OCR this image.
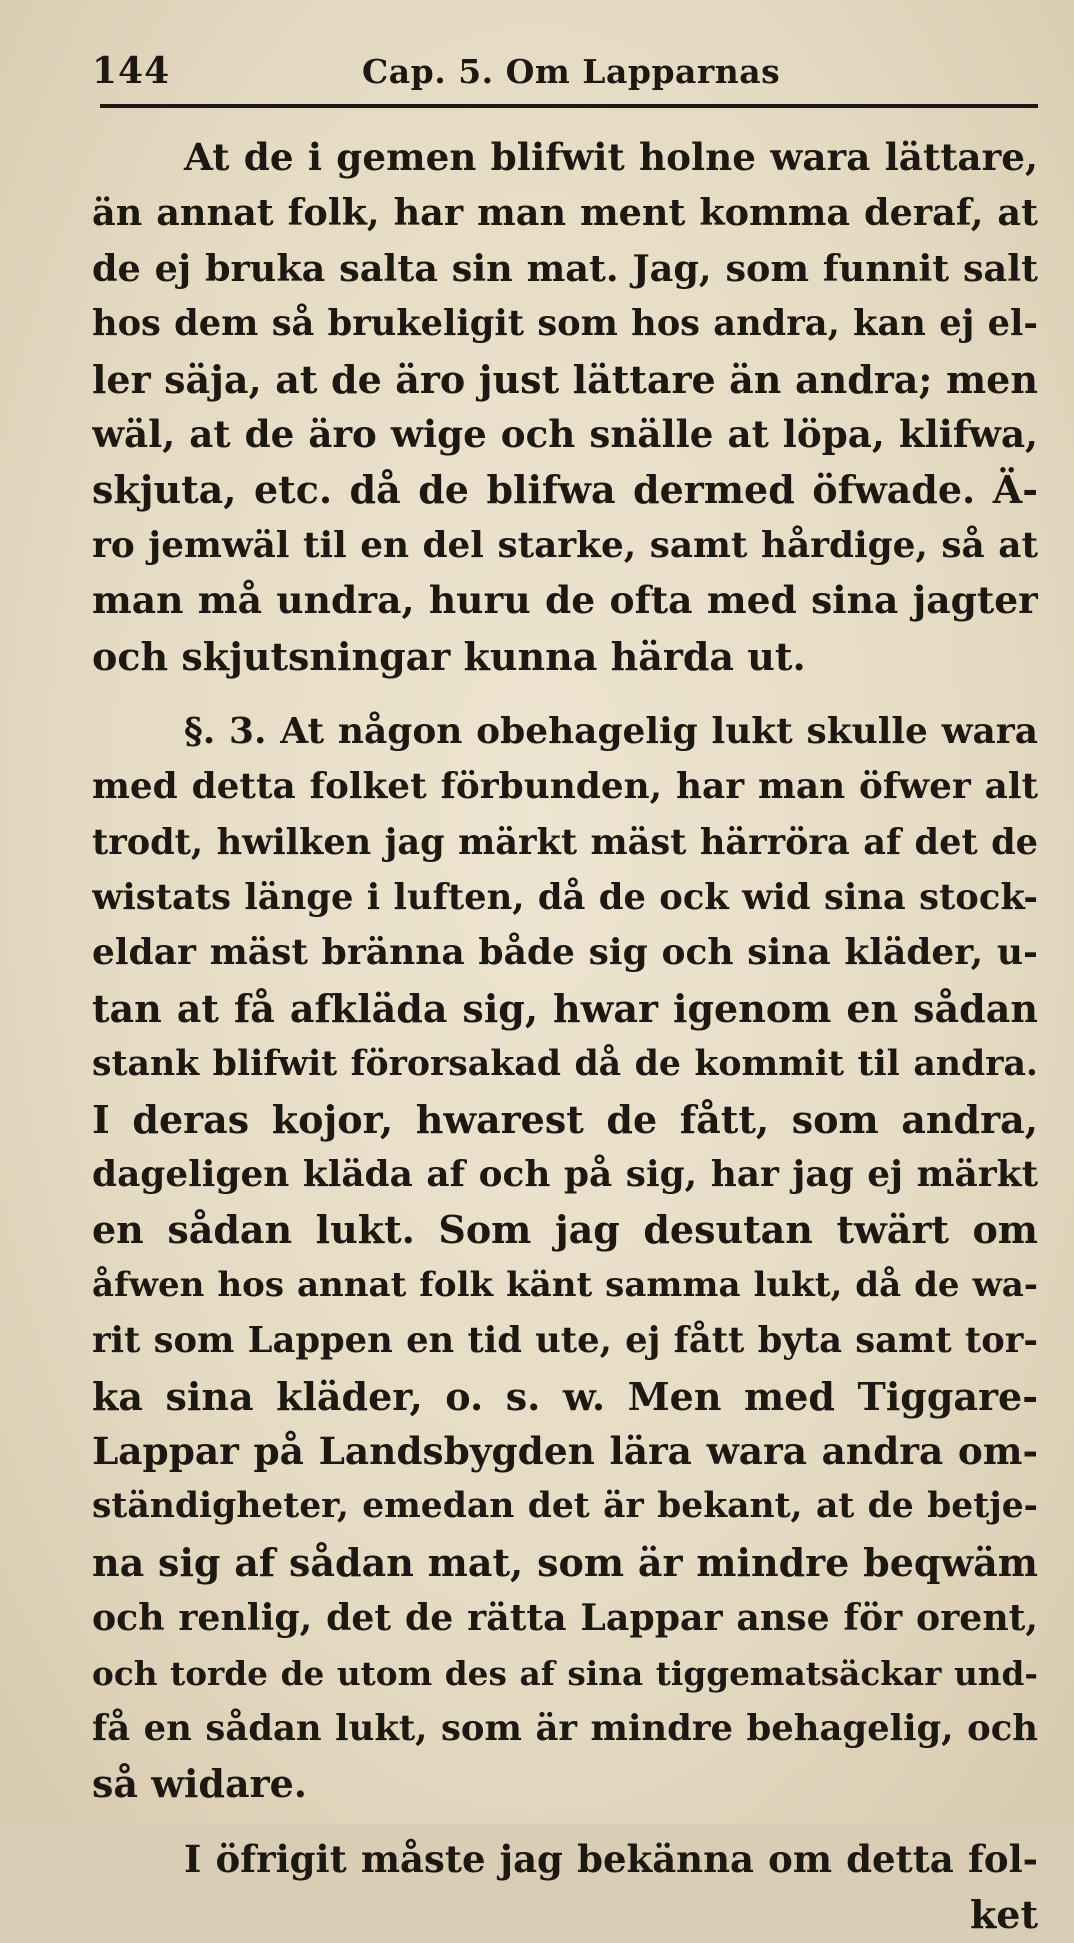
144	Cap. 5. Om Lapparnas
At de i gemen blifwit holne wara lättare,
än annat folk, har man ment komma deraf, at
de ej bruka salta sin mat. Jag, som funnit salt
hos dem så brukeligit som hos andra, kan ej el-
ler säja, at de äro just lättare än andra; men
wäl, at de äro wige och snälle at löpa, klifwa,
skjuta, etc. då de blifwa dermed öfwade. Ä-
ro jemwäl til en del starke, samt hårdige, så at
man må undra, huru de ofta med sina jagter
och skjutsningar kunna härda ut.
§. 3. At någon obehagelig lukt skulle wara
med detta folket förbunden, har man öfwer alt
trodt, hwilken jag märkt mäst härröra af det de
wistats länge i luften, då de ock wid sina stock-
eldar mäst bränna både sig och sina kläder, u-
tan at få afkläda sig, hwar igenom en sådan
stank blifwit förorsakad då de kommit til andra.
I deras kojor, hwarest de fått, som andra,
dageligen kläda af och på sig, har jag ej märkt
en sådan lukt. Som jag desutan twärt om
åfwen hos annat folk känt samma lukt, då de wa-
rit som Lappen en tid ute, ej fått byta samt tor-
ka sina kläder, o. s. w. Men med Tiggare-
Lappar på Landsbygden lära wara andra om-
ständigheter, emedan det är bekant, at de betje-
na sig af sådan mat, som är mindre beqwäm
och renlig, det de rätta Lappar anse för orent,
och torde de utom des af sina tiggematsäckar und-
få en sådan lukt, som är mindre behagelig, och
så widare.
I öfrigit måste jag bekänna om detta fol-
ket
